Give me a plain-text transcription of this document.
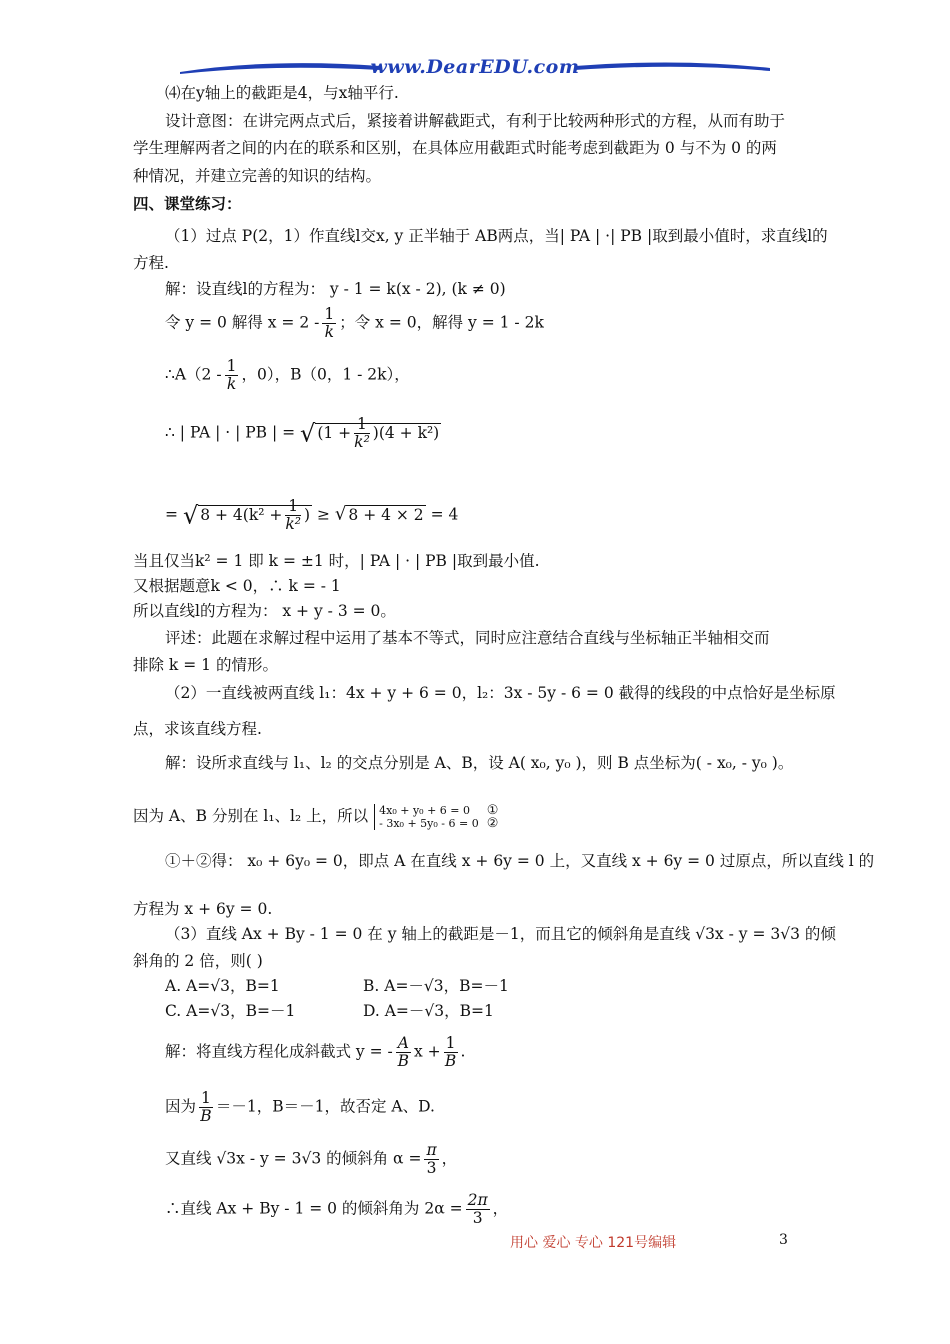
www.DearEDU.com
⑷在y轴上的截距是4，与x轴平行.
设计意图：在讲完两点式后，紧接着讲解截距式，有利于比较两种形式的方程，从而有助于
学生理解两者之间的内在的联系和区别，在具体应用截距式时能考虑到截距为 0 与不为 0 的两
种情况，并建立完善的知识的结构。
四、课堂练习：
（1）过点 P(2，1）作直线l交x, y 正半轴于 AB两点，当| PA | ·| PB |取到最小值时，求直线l的
方程.
解：设直线l的方程为： y - 1 = k(x - 2), (k ≠ 0)
令 y = 0 解得 $x = 2 - \frac{1}{k}$ ；令 x = 0，解得 y = 1 - 2k
∴A（2 - $\frac{1}{k}$ ，0），B（0，1 - 2k），
∴ | PA | · | PB | = √ $(1 + \frac{1}{\text{k²}} )(4 + k^2)$
= √ $8 + 4(k^2 + \frac{1}{\text{k²}}$ ) ≥ √ 8 + 4 × 2 = 4
当且仅当k² = 1 即 k = ±1 时，| PA | · | PB |取到最小值.
又根据题意k < 0，∴ k = - 1
所以直线l的方程为： x + y - 3 = 0。
评述：此题在求解过程中运用了基本不等式，同时应注意结合直线与坐标轴正半轴相交而
排除 k = 1 的情形。
（2）一直线被两直线 l₁：4x + y + 6 = 0，l₂：3x - 5y - 6 = 0 截得的线段的中点恰好是坐标原
点，求该直线方程.
解：设所求直线与 l₁、l₂ 的交点分别是 A、B，设 A( x₀, y₀ )，则 B 点坐标为( - x₀, - y₀ )。
因为 A、B 分别在 l₁、l₂ 上，所以 4x₀ + y₀ + 6 = 0
- 3x₀ + 5y₀ - 6 = 0
①
②
①＋②得： x₀ + 6y₀ = 0，即点 A 在直线 x + 6y = 0 上，又直线 x + 6y = 0 过原点，所以直线 l 的
方程为 x + 6y = 0.
（3）直线 Ax + By - 1 = 0 在 y 轴上的截距是－1，而且它的倾斜角是直线 √3x - y = 3√3 的倾
斜角的 2 倍，则( )
A. A=√3，B=1	B. A=－√3，B=－1
C. A=√3，B=－1	D. A=－√3，B=1
解：将直线方程化成斜截式 y = - $\frac{A}{B}$ $x + \frac{1}{B}$ .
因为 $\frac{1}{B} =-1$，B＝－1，故否定 A、D.
又直线 √3x - y = 3√3 的倾斜角 $\alpha = \frac{\pi}{3}$ ，
∴直线 Ax + By - 1 = 0 的倾斜角为 $2\alpha = \frac{2\pi}{3}$ ，
用心 爱心 专心 121号编辑	3
